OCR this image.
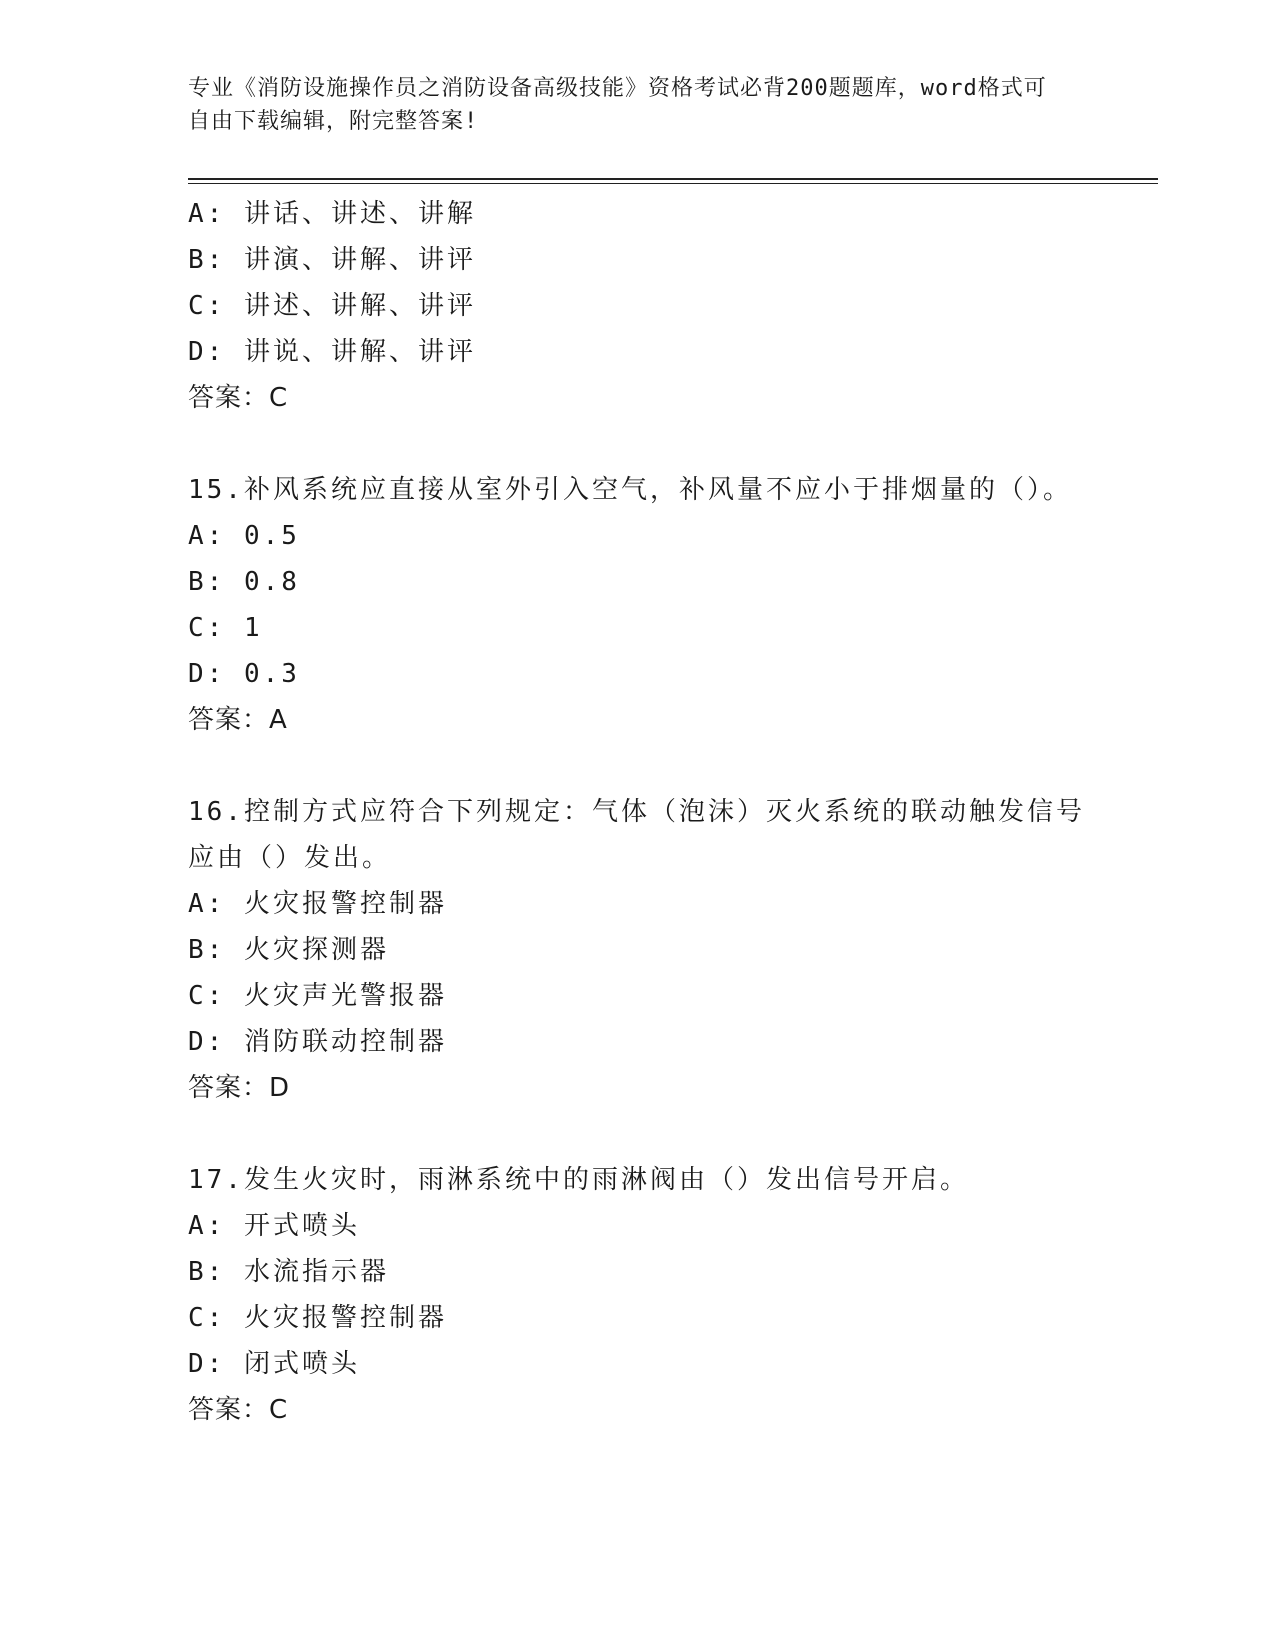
专业《消防设施操作员之消防设备高级技能》资格考试必背200题题库，word格式可自由下载编辑，附完整答案!
A: 讲话、讲述、讲解
B: 讲演、讲解、讲评
C: 讲述、讲解、讲评
D: 讲说、讲解、讲评
答案：C
15.补风系统应直接从室外引入空气，补风量不应小于排烟量的（）。
A: 0.5
B: 0.8
C: 1
D: 0.3
答案：A
16.控制方式应符合下列规定：气体（泡沫）灭火系统的联动触发信号
应由（）发出。
A: 火灾报警控制器
B: 火灾探测器
C: 火灾声光警报器
D: 消防联动控制器
答案：D
17.发生火灾时，雨淋系统中的雨淋阀由（）发出信号开启。
A: 开式喷头
B: 水流指示器
C: 火灾报警控制器
D: 闭式喷头
答案：C
